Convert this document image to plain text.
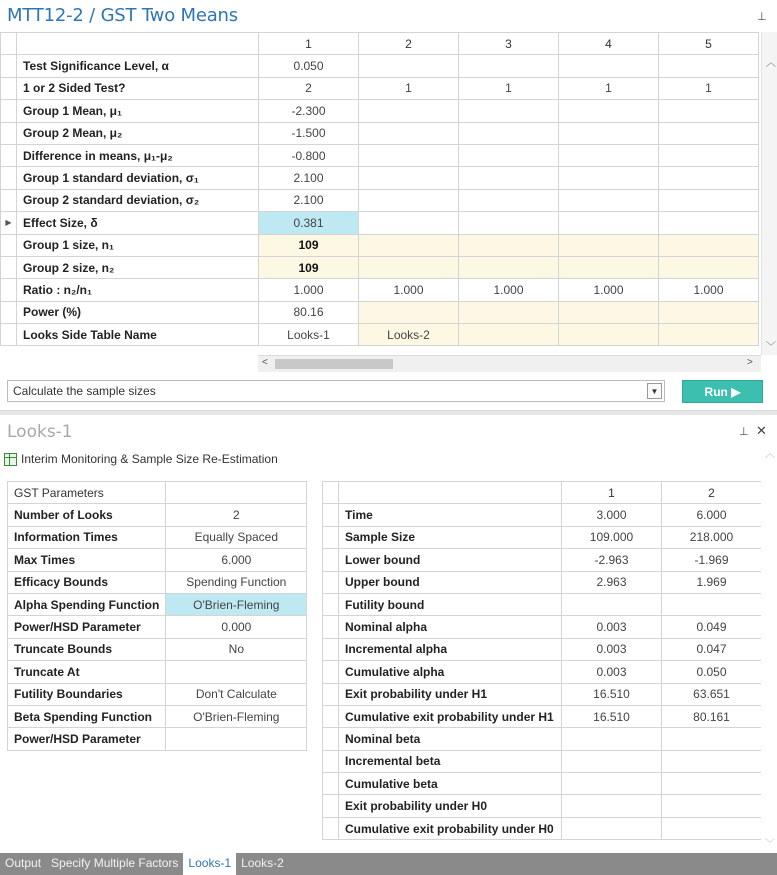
MTT12-2 / GST Two Means	⊥
		1	2	3	4	5
	Test Significance Level, α	0.050				
	1 or 2 Sided Test?	2	1	1	1	1
	Group 1 Mean, μ₁	-2.300				
	Group 2 Mean, μ₂	-1.500				
	Difference in means, μ₁-μ₂	-0.800				
	Group 1 standard deviation, σ₁	2.100				
	Group 2 standard deviation, σ₂	2.100				

▶	Effect Size, δ	0.381				
	Group 1 size, n₁	109				
	Group 2 size, n₂	109				
	Ratio : n₂/n₁	1.000	1.000	1.000	1.000	1.000
	Power (%)	80.16				
	Looks Side Table Name	Looks-1	Looks-2			
︿
﹀
<	>
Calculate the sample sizes	▼	Run ▶
Looks-1	⊥ ✕
Interim Monitoring & Sample Size Re-Estimation
GST Parameters	
Number of Looks	2
Information Times	Equally Spaced
Max Times	6.000
Efficacy Bounds	Spending Function
Alpha Spending Function	O'Brien-Fleming
Power/HSD Parameter	0.000
Truncate Bounds	No
Truncate At	
Futility Boundaries	Don't Calculate
Beta Spending Function	O'Brien-Fleming
Power/HSD Parameter	
		1	2
	Time	3.000	6.000
	Sample Size	109.000	218.000
	Lower bound	-2.963	-1.969
	Upper bound	2.963	1.969
	Futility bound		
	Nominal alpha	0.003	0.049
	Incremental alpha	0.003	0.047
	Cumulative alpha	0.003	0.050
	Exit probability under H1	16.510	63.651
	Cumulative exit probability under H1	16.510	80.161
	Nominal beta		
	Incremental beta		
	Cumulative beta		
	Exit probability under H0		
	Cumulative exit probability under H0		
︿
﹀
Output Specify Multiple Factors Looks-1 Looks-2
